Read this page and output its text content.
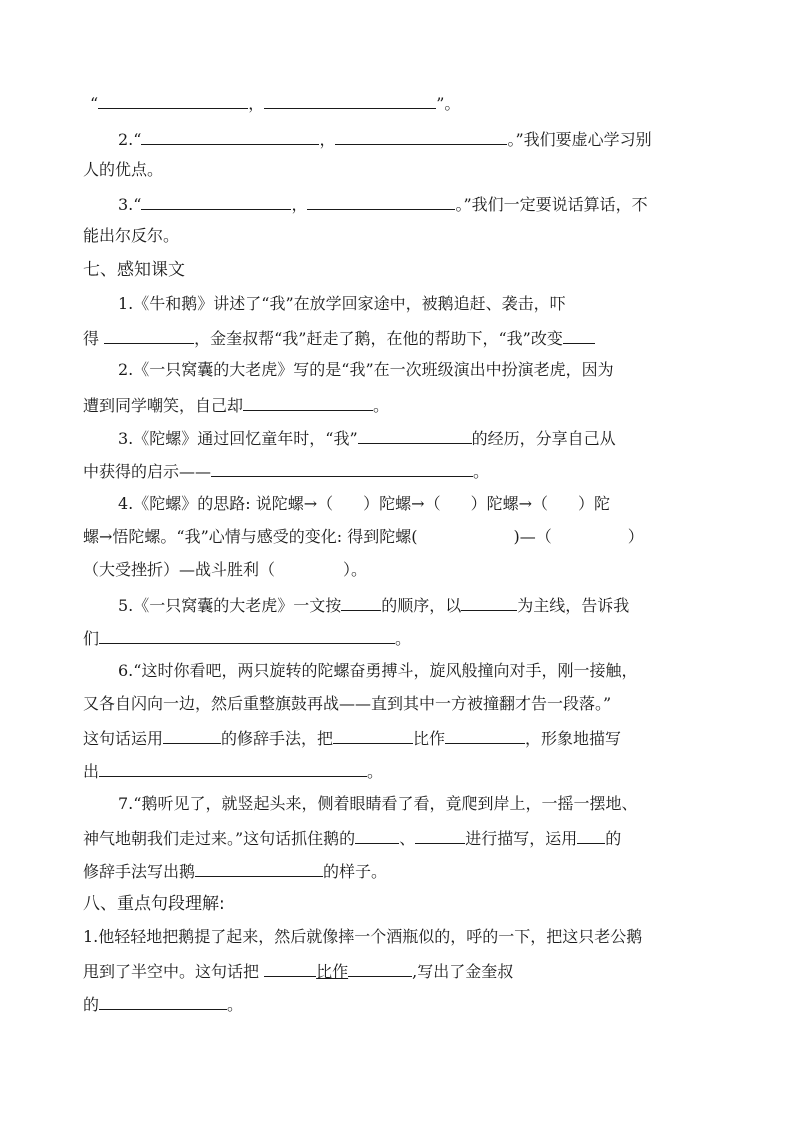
“	，	”。
2.“	，	。”我们要虚心学习别
人的优点。
3.“	，	。”我们一定要说话算话，不
能出尔反尔。
七、感知课文
1.《牛和鹅》讲述了“我”在放学回家途中，被鹅追赶、袭击，吓
得	，金奎叔帮“我”赶走了鹅，在他的帮助下，“我”改变
2.《一只窝囊的大老虎》写的是“我”在一次班级演出中扮演老虎，因为
遭到同学嘲笑，自己却	。
3.《陀螺》通过回忆童年时，“我”	的经历，分享自己从
中获得的启示——	。
4.《陀螺》的思路: 说陀螺→（ ）陀螺→（ ）陀螺→（ ）陀
螺→悟陀螺。“我”心情与感受的变化: 得到陀螺(	)—（	）
（大受挫折）—战斗胜利（	）。
5.《一只窝囊的大老虎》一文按	的顺序，以	为主线，告诉我
们	。
6.“这时你看吧，两只旋转的陀螺奋勇搏斗，旋风般撞向对手，刚一接触，
又各自闪向一边，然后重整旗鼓再战——直到其中一方被撞翻才告一段落。”
这句话运用	的修辞手法，把	比作	，形象地描写
出	。
7.“鹅听见了，就竖起头来，侧着眼睛看了看，竟爬到岸上，一摇一摆地、
神气地朝我们走过来。”这句话抓住鹅的	、	进行描写，运用 的
修辞手法写出鹅	的样子。
八、重点句段理解:
1.他轻轻地把鹅提了起来，然后就像摔一个酒瓶似的，呼的一下，把这只老公鹅
甩到了半空中。这句话把	比作	,写出了金奎叔
的	。
